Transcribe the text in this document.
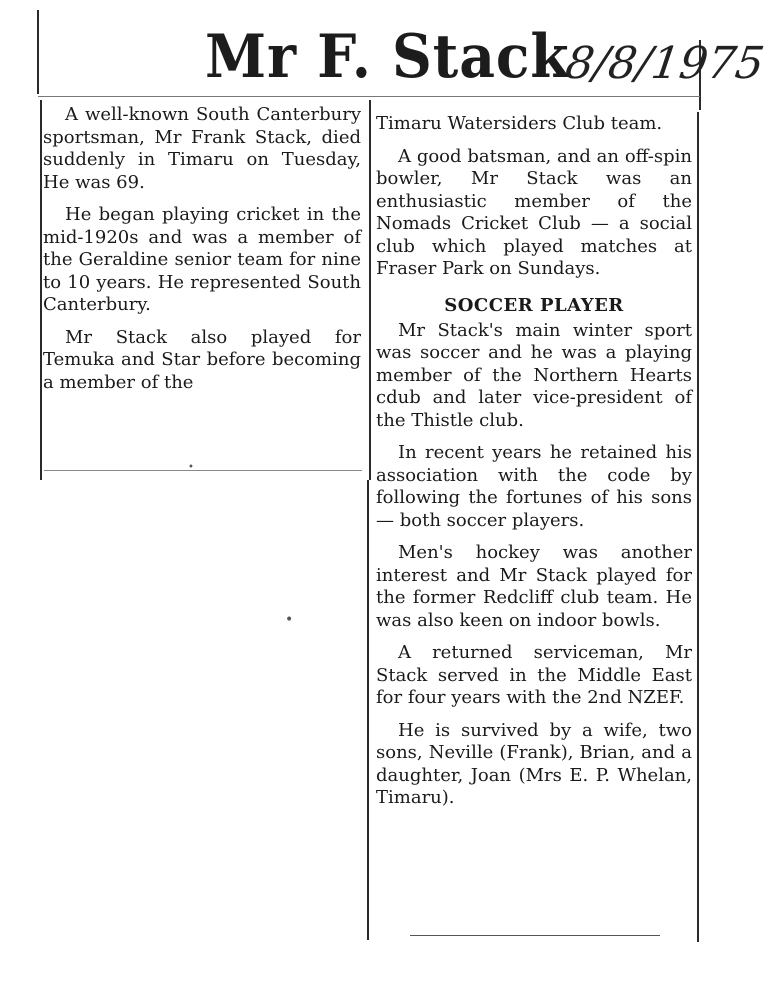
Mr F. Stack
8/8/1975

A well-known South Canterbury sportsman, Mr Frank Stack, died suddenly in Timaru on Tuesday, He was 69.

He began playing cricket in the mid-1920s and was a member of the Geraldine senior team for nine to 10 years. He represented South Canterbury.

Mr Stack also played for Temuka and Star before becoming a member of the

Timaru Watersiders Club team.

A good batsman, and an off-spin bowler, Mr Stack was an enthusiastic member of the Nomads Cricket Club — a social club which played matches at Fraser Park on Sundays.

SOCCER PLAYER

Mr Stack's main winter sport was soccer and he was a playing member of the Northern Hearts cdub and later vice-president of the Thistle club.

In recent years he retained his association with the code by following the fortunes of his sons — both soccer players.

Men's hockey was another interest and Mr Stack played for the former Redcliff club team. He was also keen on indoor bowls.

A returned serviceman, Mr Stack served in the Middle East for four years with the 2nd NZEF.

He is survived by a wife, two sons, Neville (Frank), Brian, and a daughter, Joan (Mrs E. P. Whelan, Timaru).

•
•
